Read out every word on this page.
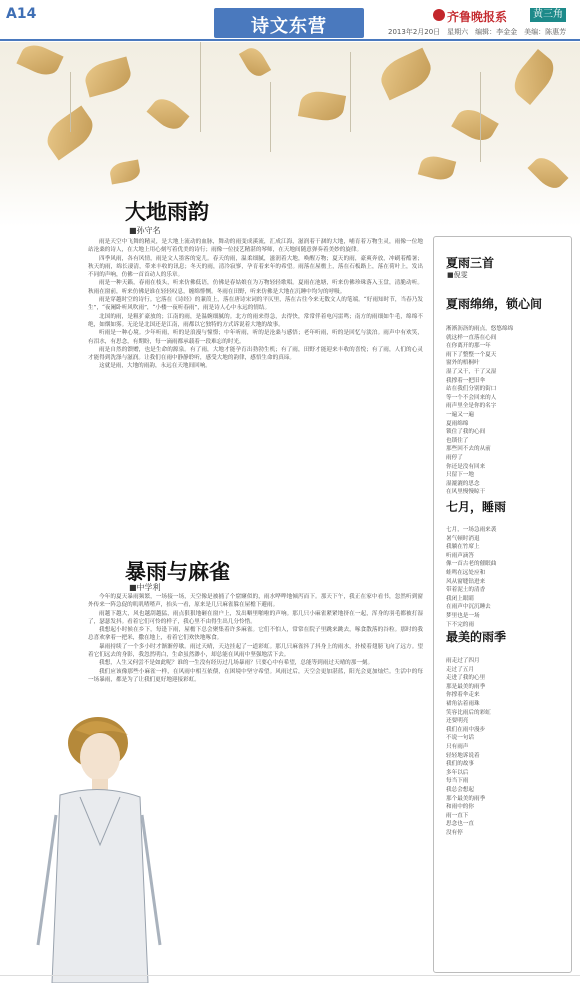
A14
诗文东营	齐鲁晚报系	黄三角
2013年2月20日　星期六　编辑：李金金　美编：陈惠芳
大地雨韵
■孙守名

雨是天空中飞舞的精灵，是大地上流动的血脉，舞动的雨变成溪流，汇成江海，滋润着干涸的大地，哺育着万物生灵，雨像一位地站沧桑的诗人，在大地上用心刻写着优美的诗行；雨像一位技艺精湛的琴师，在天地间随意弹奏着美妙的旋律。

四季风雨，各有风情，雨是文人墨客的宠儿。春天的雨，温柔细腻，滋润着大地，唤醒万物；夏天的雨，豪爽奔放，冲刷着酷暑；秋天的雨，绵长凄清，带来丰收的讯息；冬天的雨，清冷寂寥，孕育着来年的希望。雨落在屋檐上，落在石板路上，落在荷叶上，发出不同的声响，仿佛一首首动人的乐章。

雨是一种天籁，春雨在枝头，听来仿佛低语，仿佛是春姑娘在为万物轻轻歌唱。夏雨在池塘，听来仿佛珍珠落入玉盘，清脆动听。秋雨在窗前，听来仿佛是谁在轻轻叹息，缠绵悱恻。冬雨在田野，听来仿佛是大地在沉睡中均匀的呼吸。

雨是穿越时空的诗行。它落在《诗经》的蒹葭上，落在唐诗宋词的平仄里，落在古往今来无数文人的笔端。“好雨知时节，当春乃发生”，“夜阑卧听风吹雨”，“小楼一夜听春雨”，雨是诗人心中永远的情结。

北国的雨，是粗犷豪放的；江南的雨，是温婉细腻的。北方的雨来得急，去得快，常常伴着电闪雷鸣；南方的雨细如牛毛，绵绵不绝，如烟如雾。无论是北国还是江南，雨都以它独特的方式诉说着大地的故事。

听雨是一种心境。少年听雨，听的是浪漫与憧憬；中年听雨，听的是沧桑与感悟；老年听雨，听的是回忆与淡泊。雨声中有欢笑，有泪水，有思念，有期盼，每一滴雨都承载着一段难忘的时光。

雨是自然的馈赠，也是生命的源泉。有了雨，大地才能孕育出勃勃生机；有了雨，田野才能迎来丰收的喜悦；有了雨，人们的心灵才能得到洗涤与滋润。让我们在雨中静静聆听，感受大地的韵律，感悟生命的真谛。

这就是雨，大地的雨韵，永远在天地间回响。

暴雨与麻雀
■中学利

今年的夏天暴雨频繁，一场接一场，天空像是被捅了个窟窿似的，雨水哗哗地倾泻而下。那天下午，我正在家中看书，忽然听到窗外传来一阵急促的叽叽喳喳声，抬头一看，原来是几只麻雀躲在屋檐下避雨。

雨越下越大，风也越刮越猛，雨点狠狠地砸在窗户上，发出噼里啪啦的声响。那几只小麻雀紧紧地挤在一起，浑身的羽毛都被打湿了，瑟瑟发抖。看着它们可怜的样子，我心里不由得生出几分怜惜。

我想起小时候在乡下，每逢下雨，屋檐下总会聚集着许多麻雀。它们不怕人，常常在院子里跳来跳去，啄食散落的谷粒。那时的我总喜欢拿着一把米，撒在地上，看着它们欢快地啄食。

暴雨持续了一个多小时才渐渐停歇。雨过天晴，天边挂起了一道彩虹。那几只麻雀抖了抖身上的雨水，扑棱着翅膀飞向了远方。望着它们远去的身影，我忽然明白，生命虽然渺小，却总能在风雨中坚强地活下去。

我想，人生又何尝不是如此呢？谁的一生没有经历过几场暴雨？只要心中有希望，总能等到雨过天晴的那一刻。

我们应该像那些小麻雀一样，在风雨中相互依偎，在困境中坚守希望。风雨过后，天空会更加湛蓝，阳光会更加灿烂。生活中的每一场暴雨，都是为了让我们更好地迎接彩虹。

夏雨三首
■倪雯
夏雨绵绵，锁心间
淅淅沥沥的雨点，悠悠绵绵
就这样一直落在心间
在你离开的那一年
雨下了整整一个夏天
窗外的梧桐叶
湿了又干，干了又湿
我撑着一把旧伞
站在我们分别的街口
等一个不会回来的人
雨声里全是你的名字
一遍又一遍
夏雨绵绵
锁住了我的心间
也锁住了
那些回不去的从前
雨停了
你还是没有回来
只留下一地
湿漉漉的思念
在风里慢慢晾干
七月，睡雨
七月，一场急雨来袭
暑气顿时消退
我躺在竹席上
听雨声滴答
像一首古老的催眠曲
蛙鸣在远处应和
风从窗缝钻进来
带着泥土的清香
我闭上眼睛
在雨声中沉沉睡去
梦里也是一场
下不完的雨
最美的雨季
雨走过了四月
走过了五月
走进了我的心里
那是最美的雨季
你撑着伞走来
裙角沾着雨珠
笑容比雨后的彩虹
还要明亮
我们在雨中漫步
不说一句话
只有雨声
轻轻地诉说着
我们的故事
多年以后
每当下雨
我总会想起
那个最美的雨季
和雨中的你
雨一直下
思念也一直
没有停
